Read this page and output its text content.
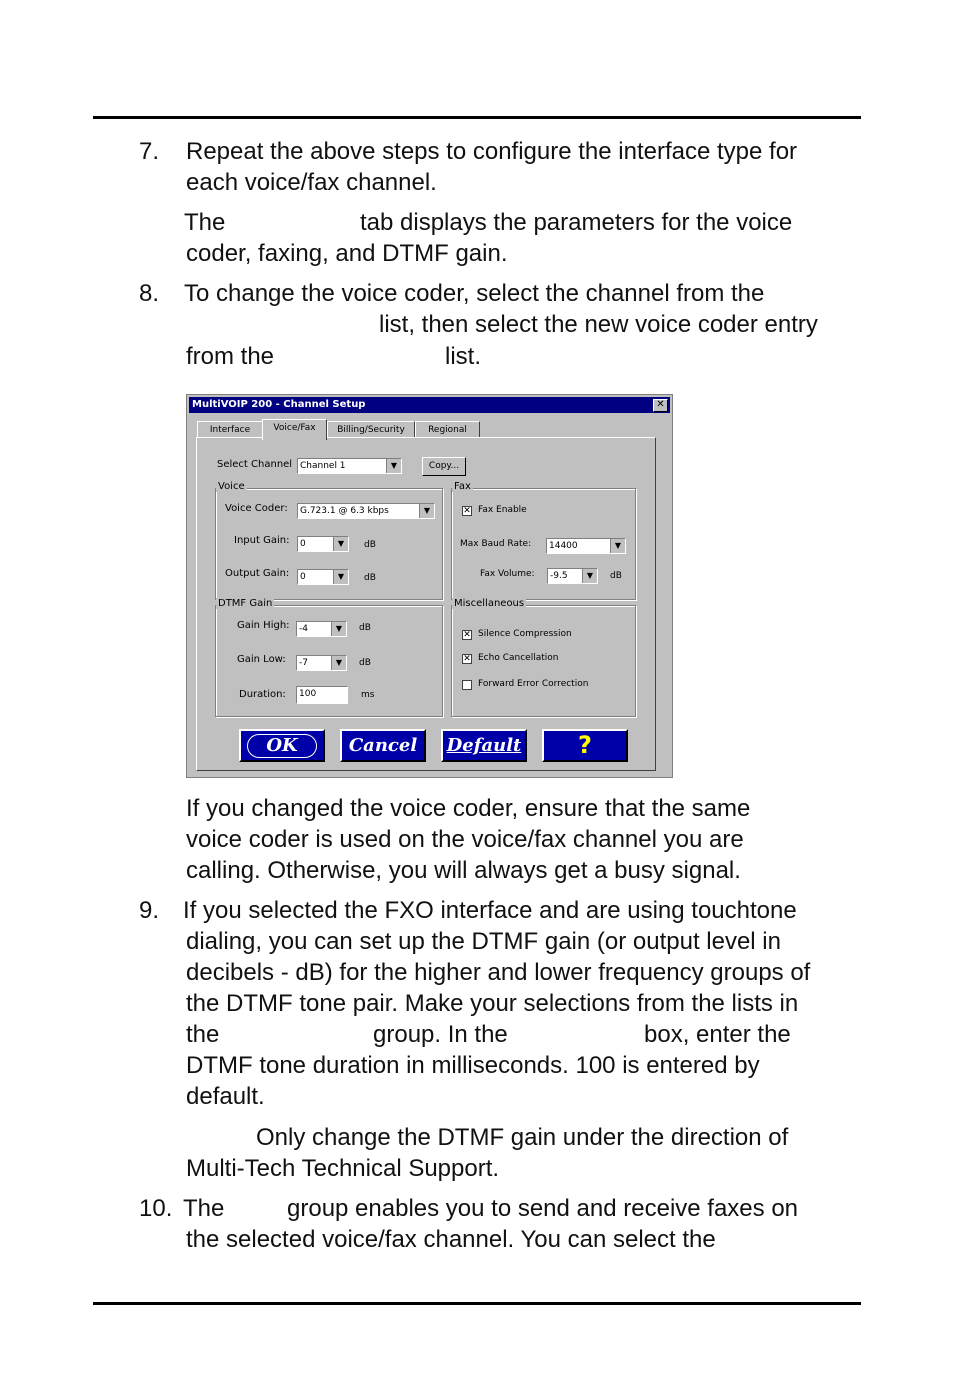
7. Repeat the above steps to configure the interface type for
each voice/fax channel.
The	tab displays the parameters for the voice
coder, faxing, and DTMF gain.
8. To change the voice coder, select the channel from the
list, then select the new voice coder entry
from the	list.
MultiVOIP 200 - Channel Setup	✕
Interface	Voice/Fax	Billing/Security	Regional
Select Channel Channel 1	▼	Copy...
Voice
Voice Coder:	G.723.1 @ 6.3 kbps	▼
Input Gain:	0	▼	dB
Output Gain:	0	▼	dB
Fax
✕ Fax Enable
Max Baud Rate:	14400	▼
Fax Volume:	-9.5	▼	dB
DTMF Gain
Gain High:	-4	▼	dB
Gain Low:	-7	▼	dB
Duration:	100	ms
Miscellaneous
✕ Silence Compression
✕ Echo Cancellation
Forward Error Correction
OK	Cancel	Default	?
If you changed the voice coder, ensure that the same
voice coder is used on the voice/fax channel you are
calling. Otherwise, you will always get a busy signal.
9. If you selected the FXO interface and are using touchtone
dialing, you can set up the DTMF gain (or output level in
decibels - dB) for the higher and lower frequency groups of
the DTMF tone pair. Make your selections from the lists in
the	group. In the	box, enter the
DTMF tone duration in milliseconds. 100 is entered by
default.
Only change the DTMF gain under the direction of
Multi-Tech Technical Support.
10. The	group enables you to send and receive faxes on
the selected voice/fax channel. You can select the
